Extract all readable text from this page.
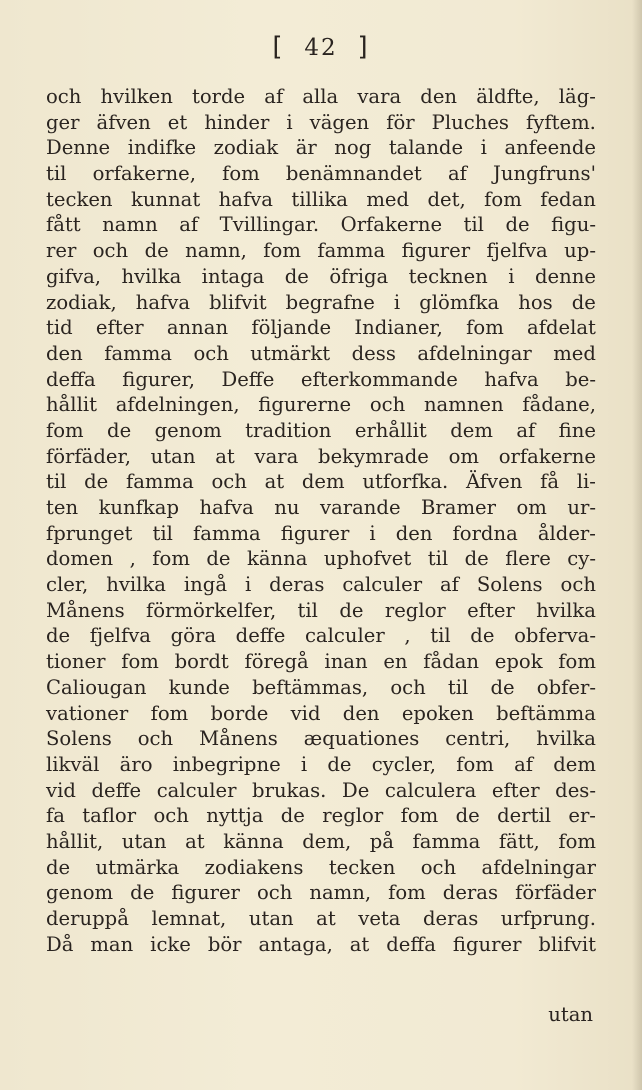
[ 42 ]
och hvilken torde af alla vara den äldfte, läg-
ger äfven et hinder i vägen för Pluches fyftem.
Denne indifke zodiak är nog talande i anfeende
til orfakerne, fom benämnandet af Jungfruns'
tecken kunnat hafva tillika med det, fom fedan
fått namn af Tvillingar. Orfakerne til de figu-
rer och de namn, fom famma figurer fjelfva up-
gifva, hvilka intaga de öfriga tecknen i denne
zodiak, hafva blifvit begrafne i glömfka hos de
tid efter annan följande Indianer, fom afdelat
den famma och utmärkt dess afdelningar med
deffa figurer, Deffe efterkommande hafva be-
hållit afdelningen, figurerne och namnen fådane,
fom de genom tradition erhållit dem af fine
förfäder, utan at vara bekymrade om orfakerne
til de famma och at dem utforfka. Äfven få li-
ten kunfkap hafva nu varande Bramer om ur-
fprunget til famma figurer i den fordna ålder-
domen , fom de känna uphofvet til de flere cy-
cler, hvilka ingå i deras calculer af Solens och
Månens förmörkelfer, til de reglor efter hvilka
de fjelfva göra deffe calculer , til de obferva-
tioner fom bordt föregå inan en fådan epok fom
Caliougan kunde beftämmas, och til de obfer-
vationer fom borde vid den epoken beftämma
Solens och Månens æquationes centri, hvilka
likväl äro inbegripne i de cycler, fom af dem
vid deffe calculer brukas. De calculera efter des-
fa taflor och nyttja de reglor fom de dertil er-
hållit, utan at känna dem, på famma fätt, fom
de utmärka zodiakens tecken och afdelningar
genom de figurer och namn, fom deras förfäder
deruppå lemnat, utan at veta deras urfprung.
Då man icke bör antaga, at deffa figurer blifvit
utan
